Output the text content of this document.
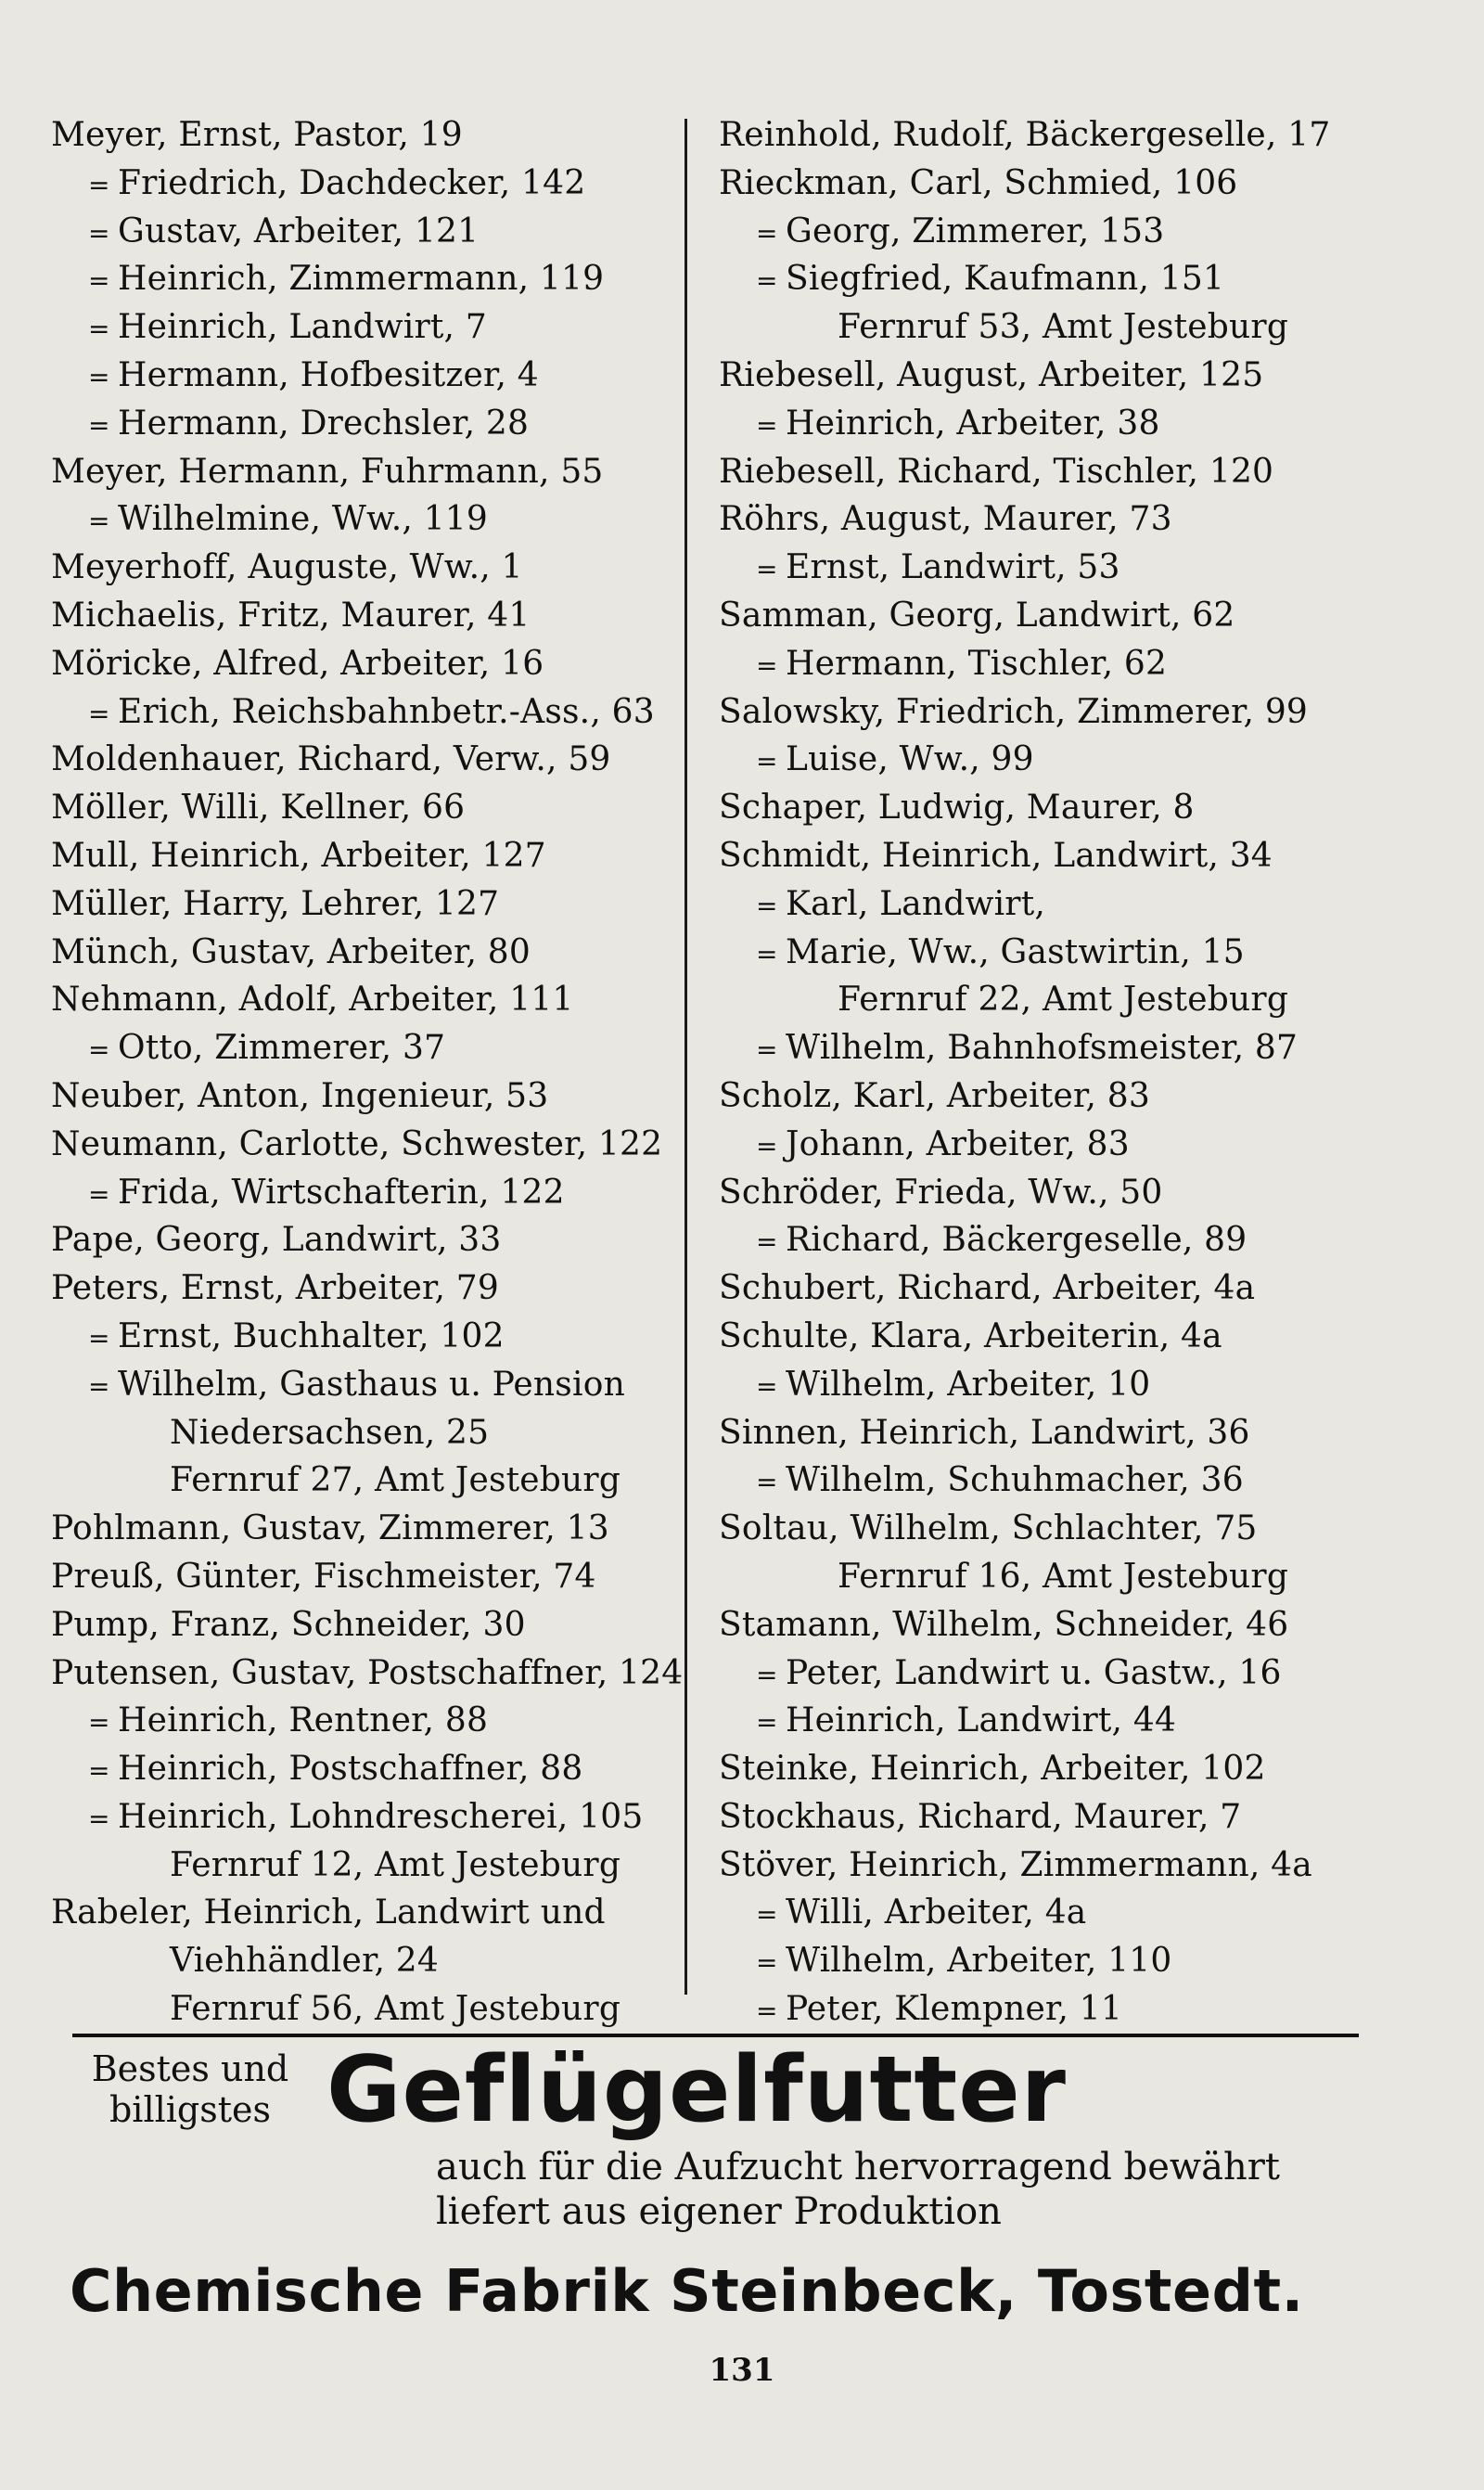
Meyer, Ernst, Pastor, 19
= Friedrich, Dachdecker, 142
= Gustav, Arbeiter, 121
= Heinrich, Zimmermann, 119
= Heinrich, Landwirt, 7
= Hermann, Hofbesitzer, 4
= Hermann, Drechsler, 28
Meyer, Hermann, Fuhrmann, 55
= Wilhelmine, Ww., 119
Meyerhoff, Auguste, Ww., 1
Michaelis, Fritz, Maurer, 41
Möricke, Alfred, Arbeiter, 16
= Erich, Reichsbahnbetr.-Ass., 63
Moldenhauer, Richard, Verw., 59
Möller, Willi, Kellner, 66
Mull, Heinrich, Arbeiter, 127
Müller, Harry, Lehrer, 127
Münch, Gustav, Arbeiter, 80
Nehmann, Adolf, Arbeiter, 111
= Otto, Zimmerer, 37
Neuber, Anton, Ingenieur, 53
Neumann, Carlotte, Schwester, 122
= Frida, Wirtschafterin, 122
Pape, Georg, Landwirt, 33
Peters, Ernst, Arbeiter, 79
= Ernst, Buchhalter, 102
= Wilhelm, Gasthaus u. Pension
Niedersachsen, 25
Fernruf 27, Amt Jesteburg
Pohlmann, Gustav, Zimmerer, 13
Preuß, Günter, Fischmeister, 74
Pump, Franz, Schneider, 30
Putensen, Gustav, Postschaffner, 124
= Heinrich, Rentner, 88
= Heinrich, Postschaffner, 88
= Heinrich, Lohndrescherei, 105
Fernruf 12, Amt Jesteburg
Rabeler, Heinrich, Landwirt und
Viehhändler, 24
Fernruf 56, Amt Jesteburg
Reinhold, Rudolf, Bäckergeselle, 17
Rieckman, Carl, Schmied, 106
= Georg, Zimmerer, 153
= Siegfried, Kaufmann, 151
Fernruf 53, Amt Jesteburg
Riebesell, August, Arbeiter, 125
= Heinrich, Arbeiter, 38
Riebesell, Richard, Tischler, 120
Röhrs, August, Maurer, 73
= Ernst, Landwirt, 53
Samman, Georg, Landwirt, 62
= Hermann, Tischler, 62
Salowsky, Friedrich, Zimmerer, 99
= Luise, Ww., 99
Schaper, Ludwig, Maurer, 8
Schmidt, Heinrich, Landwirt, 34
= Karl, Landwirt,
= Marie, Ww., Gastwirtin, 15
Fernruf 22, Amt Jesteburg
= Wilhelm, Bahnhofsmeister, 87
Scholz, Karl, Arbeiter, 83
= Johann, Arbeiter, 83
Schröder, Frieda, Ww., 50
= Richard, Bäckergeselle, 89
Schubert, Richard, Arbeiter, 4a
Schulte, Klara, Arbeiterin, 4a
= Wilhelm, Arbeiter, 10
Sinnen, Heinrich, Landwirt, 36
= Wilhelm, Schuhmacher, 36
Soltau, Wilhelm, Schlachter, 75
Fernruf 16, Amt Jesteburg
Stamann, Wilhelm, Schneider, 46
= Peter, Landwirt u. Gastw., 16
= Heinrich, Landwirt, 44
Steinke, Heinrich, Arbeiter, 102
Stockhaus, Richard, Maurer, 7
Stöver, Heinrich, Zimmermann, 4a
= Willi, Arbeiter, 4a
= Wilhelm, Arbeiter, 110
= Peter, Klempner, 11
Bestes und billigstes Geflügelfutter
auch für die Aufzucht hervorragend bewährt
liefert aus eigener Produktion
Chemische Fabrik Steinbeck, Tostedt.
131
